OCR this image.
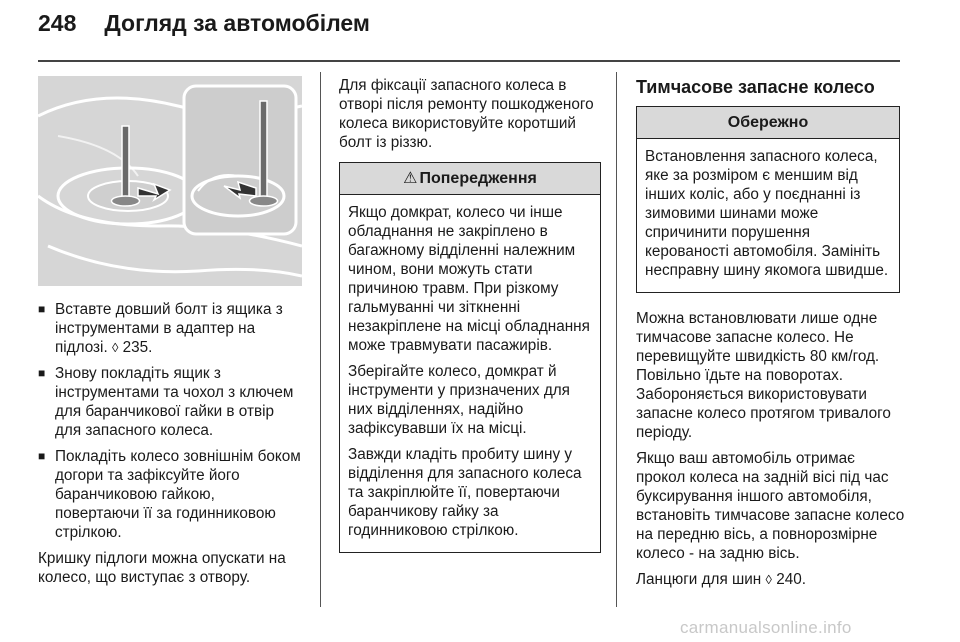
248 Догляд за автомобілем
■ Вставте довший болт із ящика з інструментами в адаптер на підлозі. ◊ 235.
■ Знову покладіть ящик з інструментами та чохол з ключем для баранчикової гайки в отвір для запасного колеса.
■ Покладіть колесо зовнішнім боком догори та зафіксуйте його баранчиковою гайкою, повертаючи її за годинниковою стрілкою.

Кришку підлоги можна опускати на колесо, що виступає з отвору.

Для фіксації запасного колеса в отворі після ремонту пошкодженого колеса використовуйте коротший болт із різзю.

⚠ Попередження

Якщо домкрат, колесо чи інше обладнання не закріплено в багажному відділенні належним чином, вони можуть стати причиною травм. При різкому гальмуванні чи зіткненні незакріплене на місці обладнання може травмувати пасажирів.

Зберігайте колесо, домкрат й інструменти у призначених для них відділеннях, надійно зафіксувавши їх на місці.

Завжди кладіть пробиту шину у відділення для запасного колеса та закріплюйте її, повертаючи баранчикову гайку за годинниковою стрілкою.

Тимчасове запасне колесо
Обережно

Встановлення запасного колеса, яке за розміром є меншим від інших коліс, або у поєднанні із зимовими шинами може спричинити порушення керованості автомобіля. Замініть несправну шину якомога швидше.

Можна встановлювати лише одне тимчасове запасне колесо. Не перевищуйте швидкість 80 км/год. Повільно їдьте на поворотах. Забороняється використовувати запасне колесо протягом тривалого періоду.

Якщо ваш автомобіль отримає прокол колеса на задній вісі під час буксирування іншого автомобіля, встановіть тимчасове запасне колесо на передню вісь, а повнорозмірне колесо - на задню вісь.

Ланцюги для шин ◊ 240.

carmanualsonline.info
